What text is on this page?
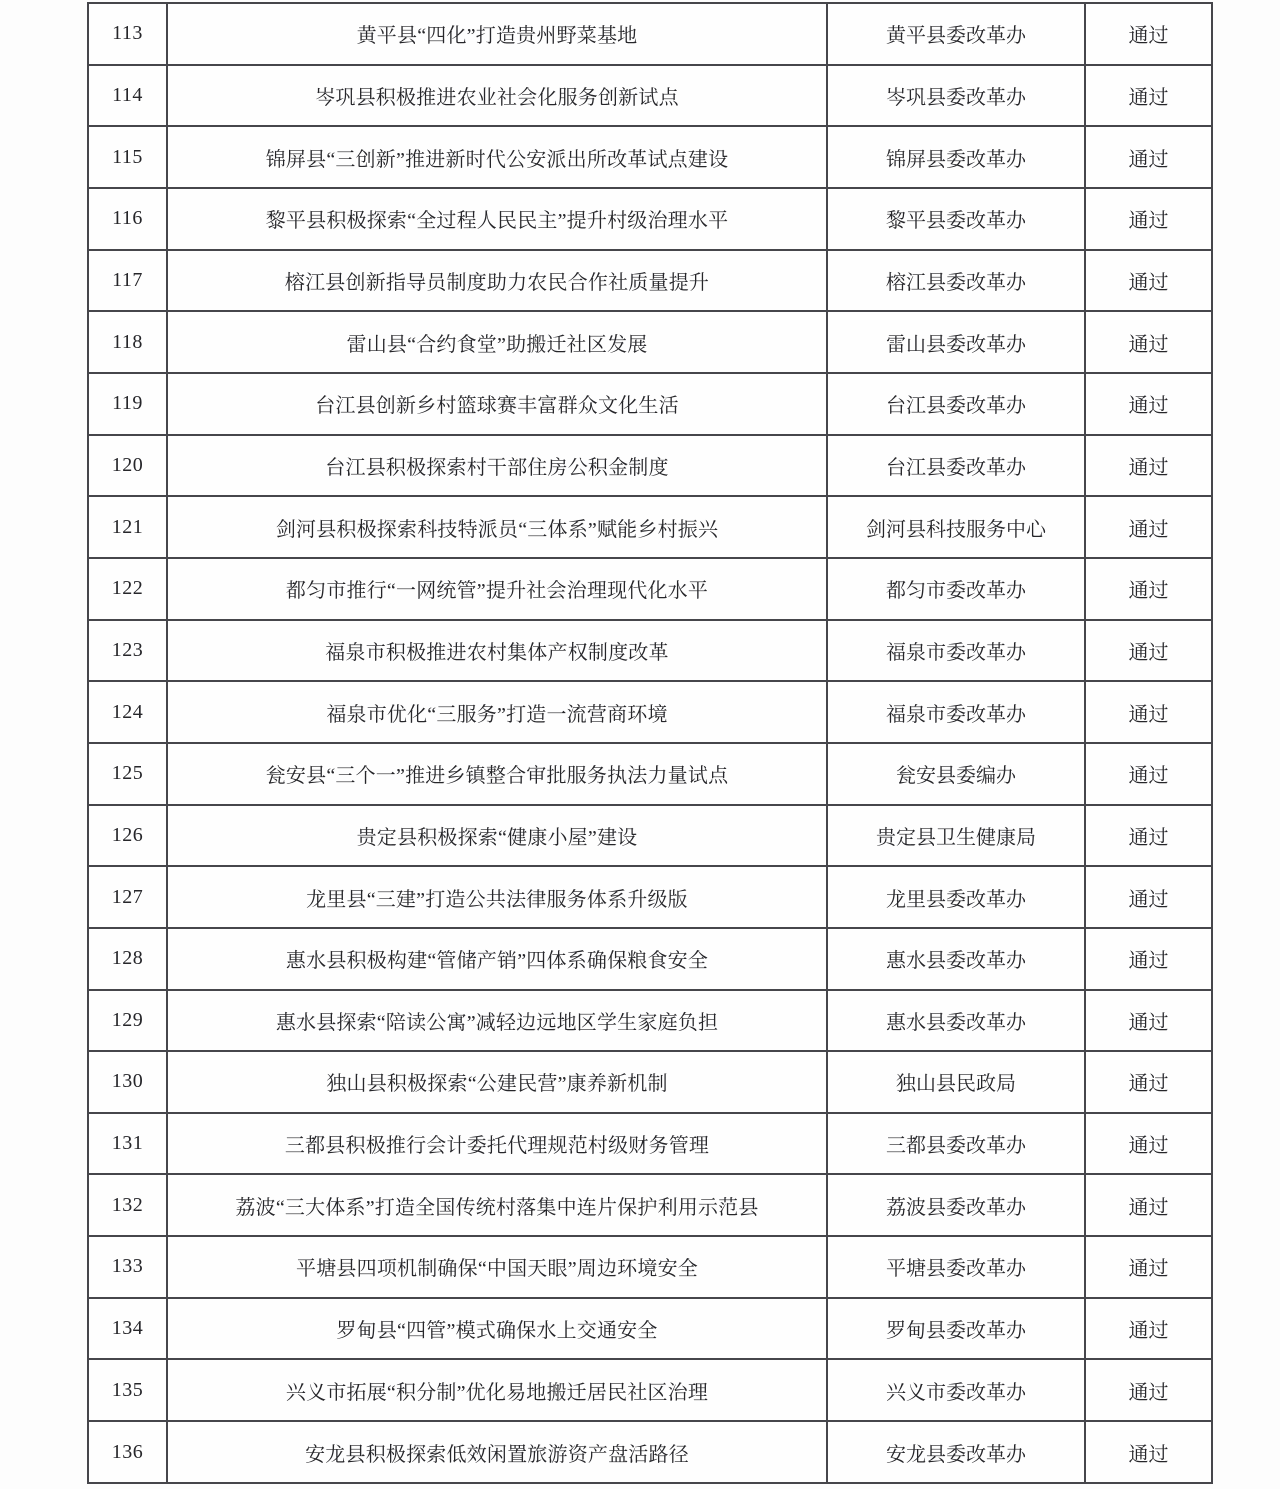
113	黄平县“四化”打造贵州野菜基地	黄平县委改革办	通过
114	岑巩县积极推进农业社会化服务创新试点	岑巩县委改革办	通过
115	锦屏县“三创新”推进新时代公安派出所改革试点建设	锦屏县委改革办	通过
116	黎平县积极探索“全过程人民民主”提升村级治理水平	黎平县委改革办	通过
117	榕江县创新指导员制度助力农民合作社质量提升	榕江县委改革办	通过
118	雷山县“合约食堂”助搬迁社区发展	雷山县委改革办	通过
119	台江县创新乡村篮球赛丰富群众文化生活	台江县委改革办	通过
120	台江县积极探索村干部住房公积金制度	台江县委改革办	通过
121	剑河县积极探索科技特派员“三体系”赋能乡村振兴	剑河县科技服务中心	通过
122	都匀市推行“一网统管”提升社会治理现代化水平	都匀市委改革办	通过
123	福泉市积极推进农村集体产权制度改革	福泉市委改革办	通过
124	福泉市优化“三服务”打造一流营商环境	福泉市委改革办	通过
125	瓮安县“三个一”推进乡镇整合审批服务执法力量试点	瓮安县委编办	通过
126	贵定县积极探索“健康小屋”建设	贵定县卫生健康局	通过
127	龙里县“三建”打造公共法律服务体系升级版	龙里县委改革办	通过
128	惠水县积极构建“管储产销”四体系确保粮食安全	惠水县委改革办	通过
129	惠水县探索“陪读公寓”减轻边远地区学生家庭负担	惠水县委改革办	通过
130	独山县积极探索“公建民营”康养新机制	独山县民政局	通过
131	三都县积极推行会计委托代理规范村级财务管理	三都县委改革办	通过
132	荔波“三大体系”打造全国传统村落集中连片保护利用示范县	荔波县委改革办	通过
133	平塘县四项机制确保“中国天眼”周边环境安全	平塘县委改革办	通过
134	罗甸县“四管”模式确保水上交通安全	罗甸县委改革办	通过
135	兴义市拓展“积分制”优化易地搬迁居民社区治理	兴义市委改革办	通过
136	安龙县积极探索低效闲置旅游资产盘活路径	安龙县委改革办	通过
